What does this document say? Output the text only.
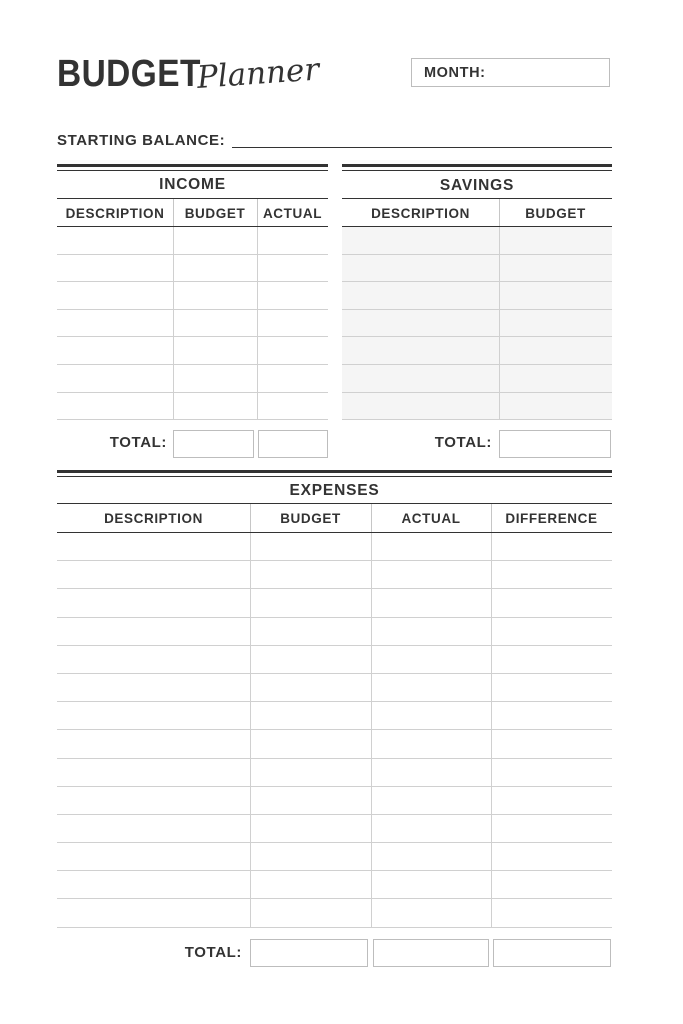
BUDGET
Planner	MONTH:
STARTING BALANCE:
INCOME
DESCRIPTION	BUDGET	ACTUAL

TOTAL:
SAVINGS
DESCRIPTION	BUDGET

TOTAL:
EXPENSES
DESCRIPTION	BUDGET	ACTUAL	DIFFERENCE

TOTAL:
